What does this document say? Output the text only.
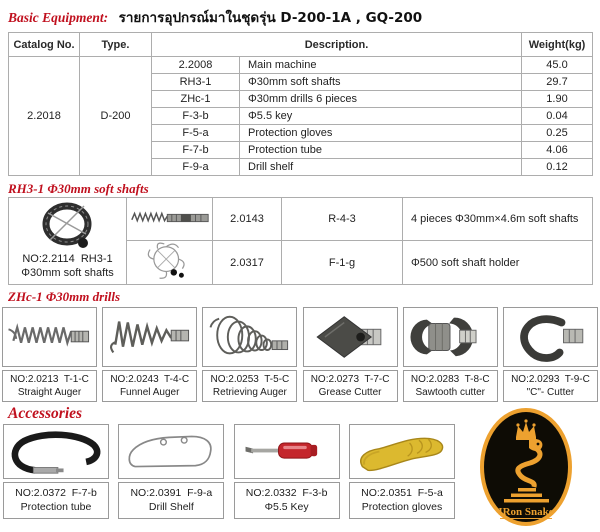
Basic Equipment: รายการอุปกรณ์มาในชุดรุ่น D-200-1A , GQ-200
Catalog No.	Type.	Description.		Weight(kg)
2.2018	D-200	2.2008	Main machine	45.0
		RH3-1	Φ30mm soft shafts	29.7
		ZHc-1	Φ30mm drills 6 pieces	1.90
		F-3-b	Φ5.5 key	0.04
		F-5-a	Protection gloves	0.25
		F-7-b	Protection tube	4.06
		F-9-a	Drill shelf	0.12
RH3-1 Φ30mm soft shafts
NO:2.2114  RH3-1
Φ30mm soft shafts		2.0143	R-4-3	4 pieces Φ30mm×4.6m soft shafts
	2.0317	F-1-g	Φ500 soft shaft holder
ZHc-1 Φ30mm drills
NO:2.0213  T-1-C
Straight Auger
NO:2.0243  T-4-C
Funnel Auger
NO:2.0253  T-5-C
Retrieving Auger
NO:2.0273  T-7-C
Grease Cutter
NO:2.0283  T-8-C
Sawtooth cutter
NO:2.0293  T-9-C
"C"- Cutter
Accessories
NO:2.0372  F-7-b
Protection tube
NO:2.0391  F-9-a
Drill Shelf
NO:2.0332  F-3-b
Φ5.5 Key
NO:2.0351  F-5-a
Protection gloves	IRon Snake
